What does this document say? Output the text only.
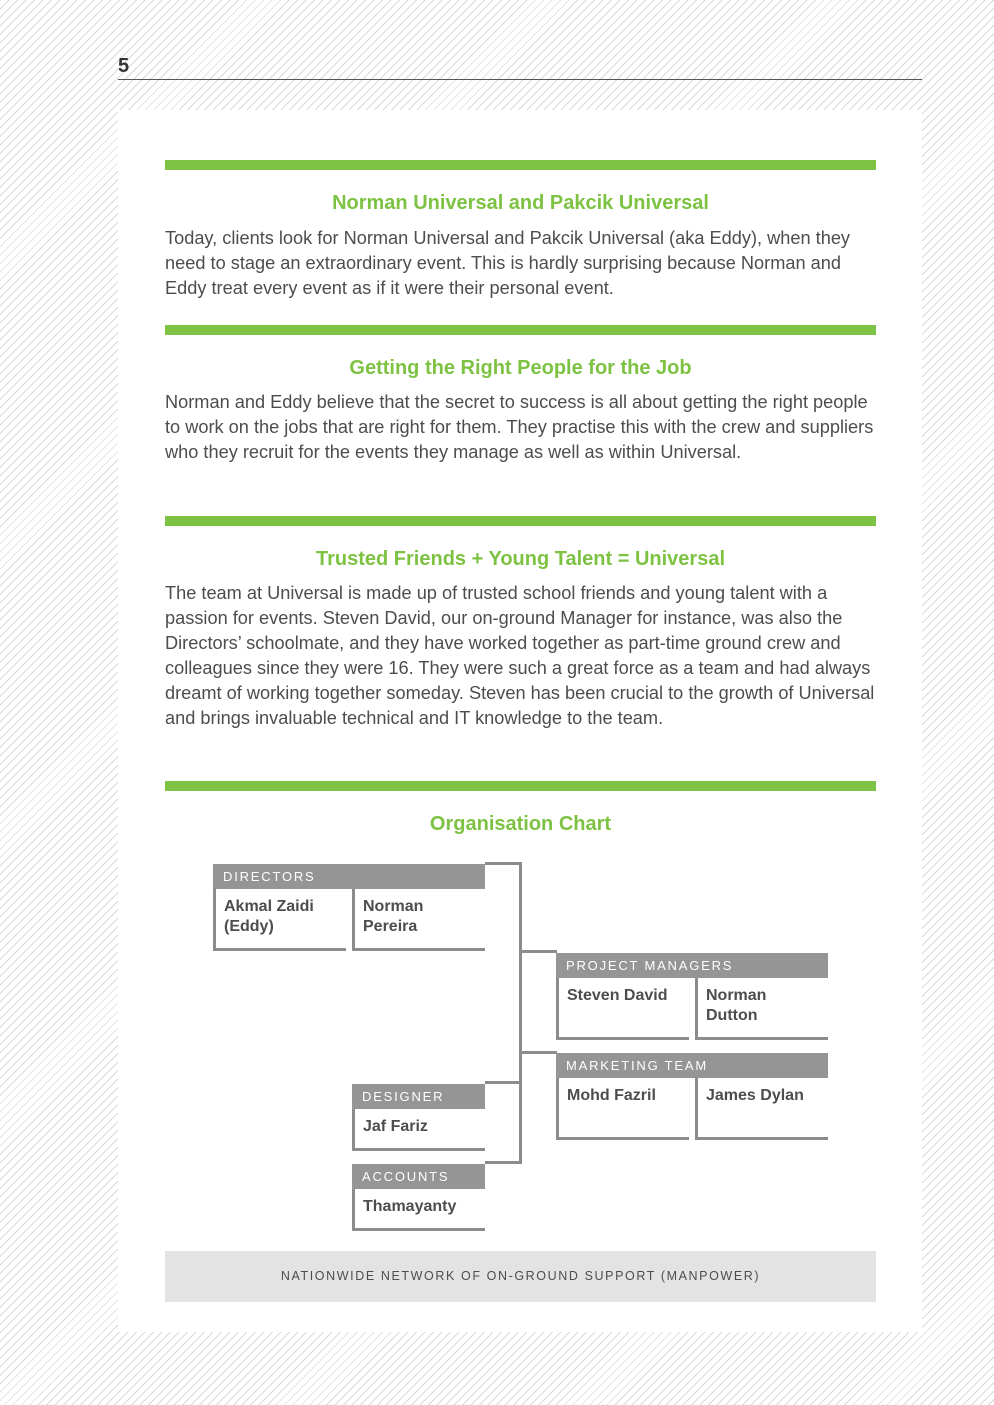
5
Norman Universal and Pakcik Universal

Today, clients look for Norman Universal and Pakcik Universal (aka Eddy), when they need to stage an extraordinary event. This is hardly surprising because Norman and Eddy treat every event as if it were their personal event.

Getting the Right People for the Job

Norman and Eddy believe that the secret to success is all about getting the right people to work on the jobs that are right for them. They practise this with the crew and suppliers who they recruit for the events they manage as well as within Universal.

Trusted Friends + Young Talent = Universal

The team at Universal is made up of trusted school friends and young talent with a passion for events. Steven David, our on-ground Manager for instance, was also the Directors’ schoolmate, and they have worked together as part-time ground crew and colleagues since they were 16. They were such a great force as a team and had always dreamt of working together someday. Steven has been crucial to the growth of Universal and brings invaluable technical and IT knowledge to the team.

Organisation Chart
DIRECTORS
Akmal Zaidi
(Eddy)
Norman
Pereira
PROJECT MANAGERS
Steven David	Norman
Dutton
MARKETING TEAM
Mohd Fazril	James Dylan
DESIGNER
Jaf Fariz
ACCOUNTS
Thamayanty
NATIONWIDE NETWORK OF ON-GROUND SUPPORT (MANPOWER)
